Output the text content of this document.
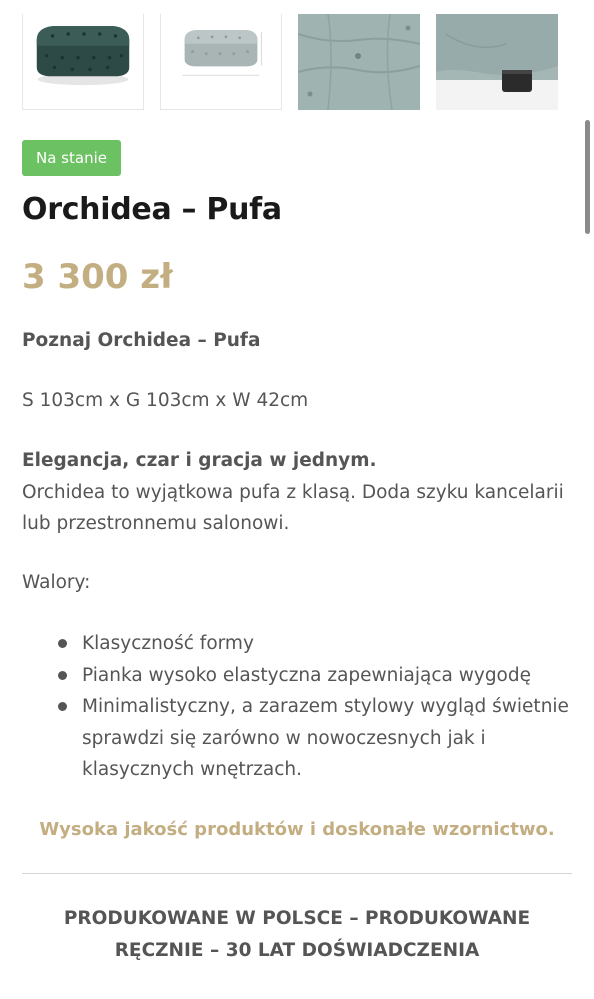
Na stanie
Orchidea – Pufa
3 300 zł

Poznaj Orchidea – Pufa

S 103cm x G 103cm x W 42cm

Elegancja, czar i gracja w jednym.

Orchidea to wyjątkowa pufa z klasą. Doda szyku kancelarii lub przestronnemu salonowi.

Walory:

Klasyczność formy
Pianka wysoko elastyczna zapewniająca wygodę
Minimalistyczny, a zarazem stylowy wygląd świetnie sprawdzi się zarówno w nowoczesnych jak i klasycznych wnętrzach.
Wysoka jakość produktów i doskonałe wzornictwo.
PRODUKOWANE W POLSCE – PRODUKOWANE RĘCZNIE – 30 LAT DOŚWIADCZENIA
